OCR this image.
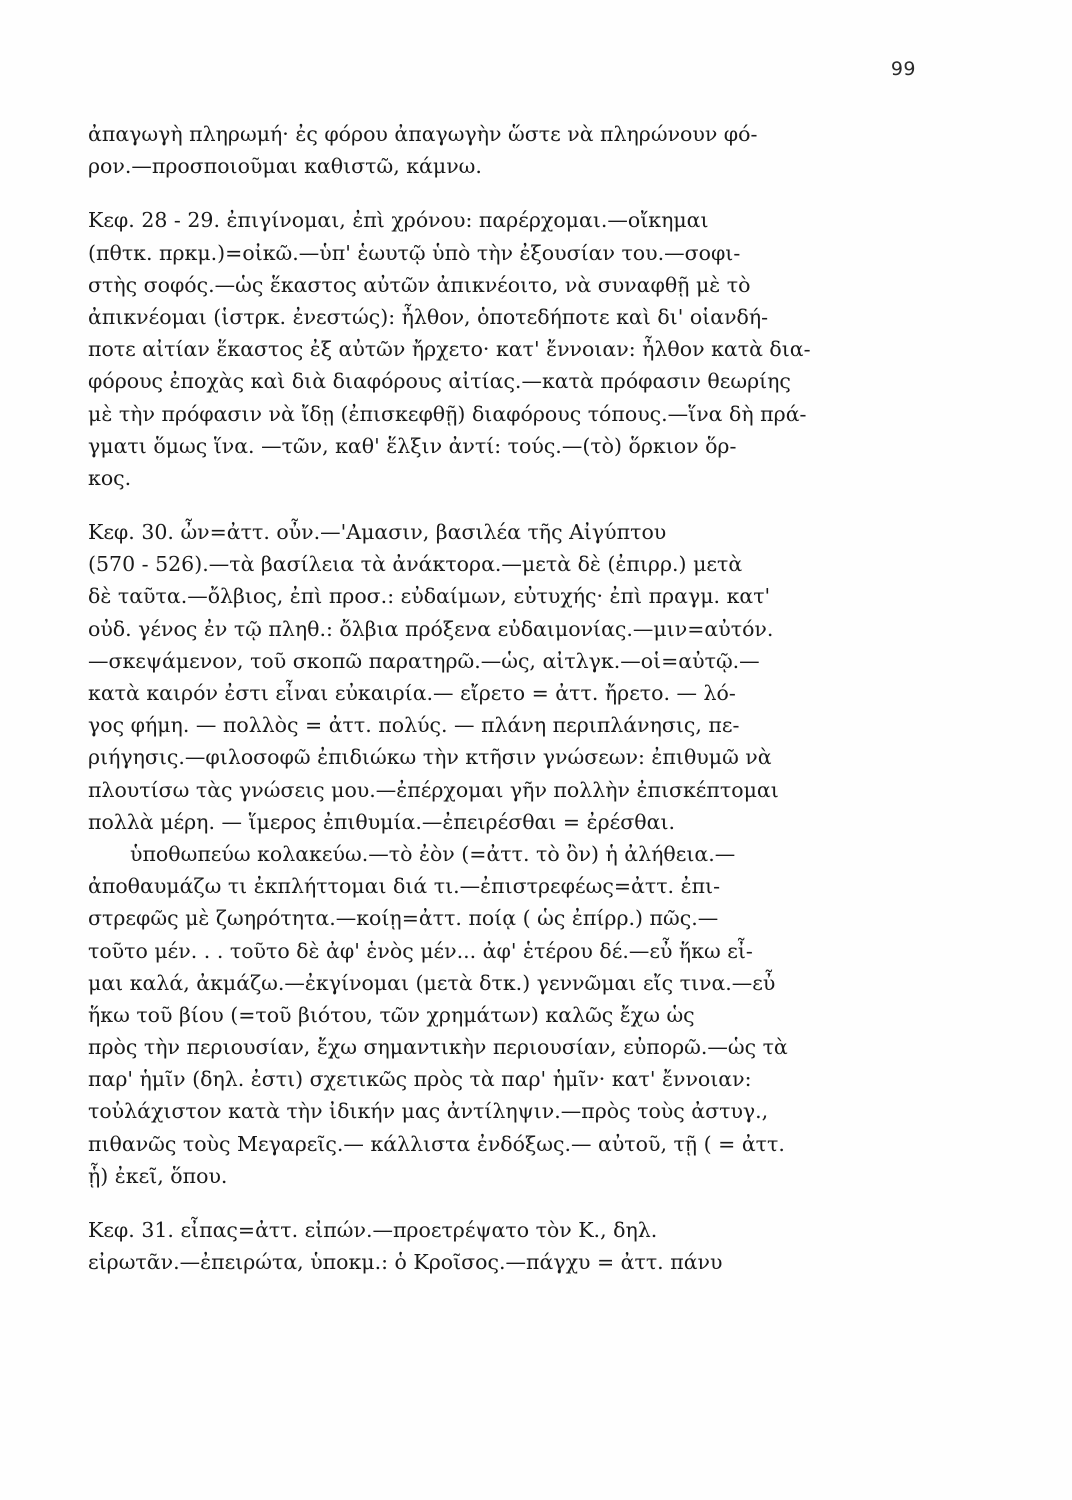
99
ἀπαγωγὴ πληρωμή· ἐς φόρου ἀπαγωγὴν ὥστε νὰ πληρώνουν φό-
ρον.—προσποιοῦμαι καθιστῶ, κάμνω.
Κεφ. 28 - 29. ἐπιγίνομαι, ἐπὶ χρόνου: παρέρχομαι.—οἴκημαι
(πθτκ. πρκμ.)=οἰκῶ.—ὑπ' ἑωυτῷ ὑπὸ τὴν ἐξουσίαν του.—σοφι-
στὴς σοφός.—ὡς ἕκαστος αὐτῶν ἀπικνέοιτο, νὰ συναφθῇ μὲ τὸ
ἀπικνέομαι (ἱστρκ. ἐνεστώς): ἦλθον, ὁποτεδήποτε καὶ δι' οἱανδή-
ποτε αἰτίαν ἕκαστος ἐξ αὐτῶν ἤρχετο· κατ' ἔννοιαν: ἦλθον κατὰ δια-
φόρους ἐποχὰς καὶ διὰ διαφόρους αἰτίας.—κατὰ πρόφασιν θεωρίης
μὲ τὴν πρόφασιν νὰ ἴδῃ (ἐπισκεφθῇ) διαφόρους τόπους.—ἵνα δὴ πρά-
γματι ὅμως ἵνα. —τῶν, καθ' ἕλξιν ἀντί: τούς.—(τὸ) ὅρκιον ὅρ-
κος.
Κεφ. 30. ὦν=ἀττ. οὖν.—'Αμασιν, βασιλέα τῆς Αἰγύπτου
(570 - 526).—τὰ βασίλεια τὰ ἀνάκτορα.—μετὰ δὲ (ἐπιρρ.) μετὰ
δὲ ταῦτα.—ὄλβιος, ἐπὶ προσ.: εὐδαίμων, εὐτυχής· ἐπὶ πραγμ. κατ'
οὐδ. γένος ἐν τῷ πληθ.: ὄλβια πρόξενα εὐδαιμονίας.—μιν=αὐτόν.
—σκεψάμενον, τοῦ σκοπῶ παρατηρῶ.—ὡς, αἰτλγκ.—οἱ=αὐτῷ.—
κατὰ καιρόν ἐστι εἶναι εὐκαιρία.— εἴρετο = ἀττ. ἤρετο. — λό-
γος φήμη. — πολλὸς = ἀττ. πολύς. — πλάνη περιπλάνησις, πε-
ριήγησις.—φιλοσοφῶ ἐπιδιώκω τὴν κτῆσιν γνώσεων: ἐπιθυμῶ νὰ
πλουτίσω τὰς γνώσεις μου.—ἐπέρχομαι γῆν πολλὴν ἐπισκέπτομαι
πολλὰ μέρη. — ἵμερος ἐπιθυμία.—ἐπειρέσθαι = ἐρέσθαι.
ὑποθωπεύω κολακεύω.—τὸ ἐὸν (=ἀττ. τὸ ὂν) ἡ ἀλήθεια.—
ἀποθαυμάζω τι ἐκπλήττομαι διά τι.—ἐπιστρεφέως=ἀττ. ἐπι-
στρεφῶς μὲ ζωηρότητα.—κοίῃ=ἀττ. ποίᾳ ( ὡς ἐπίρρ.) πῶς.—
τοῦτο μέν. . . τοῦτο δὲ ἀφ' ἑνὸς μέν... ἀφ' ἑτέρου δέ.—εὖ ἥκω εἶ-
μαι καλά, ἀκμάζω.—ἐκγίνομαι (μετὰ δτκ.) γεννῶμαι εἴς τινα.—εὖ
ἥκω τοῦ βίου (=τοῦ βιότου, τῶν χρημάτων) καλῶς ἔχω ὡς
πρὸς τὴν περιουσίαν, ἔχω σημαντικὴν περιουσίαν, εὐπορῶ.—ὡς τὰ
παρ' ἡμῖν (δηλ. ἐστι) σχετικῶς πρὸς τὰ παρ' ἡμῖν· κατ' ἔννοιαν:
τοὐλάχιστον κατὰ τὴν ἰδικήν μας ἀντίληψιν.—πρὸς τοὺς ἀστυγ.,
πιθανῶς τοὺς Μεγαρεῖς.— κάλλιστα ἐνδόξως.— αὐτοῦ, τῇ ( = ἀττ.
ᾗ) ἐκεῖ, ὅπου.
Κεφ. 31. εἶπας=ἀττ. εἰπών.—προετρέψατο τὸν Κ., δηλ.
εἰρωτᾶν.—ἐπειρώτα, ὑποκμ.: ὁ Κροῖσος.—πάγχυ = ἀττ. πάνυ
